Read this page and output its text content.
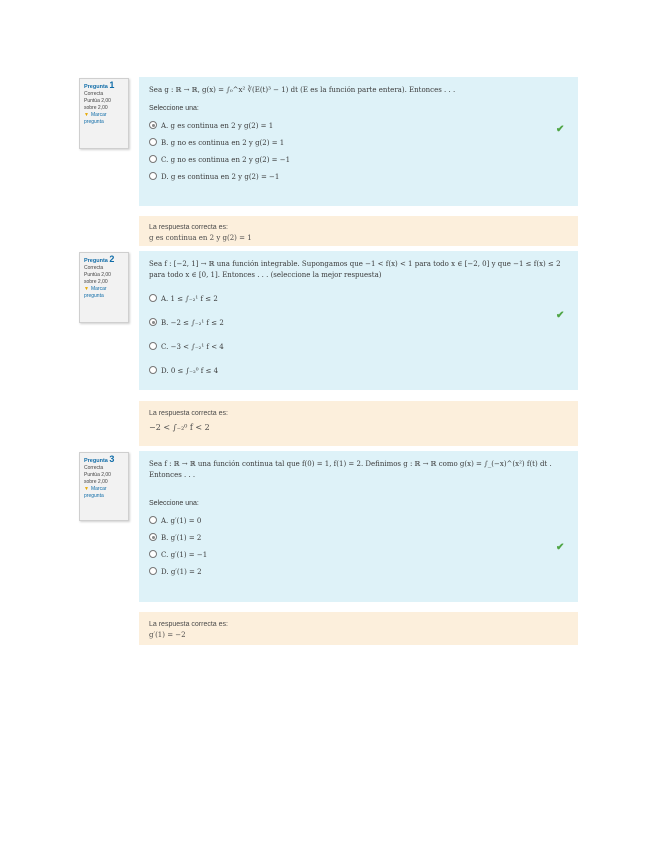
Pregunta 1
Correcta
Puntúa 2,00
sobre 2,00
▼ Marcar pregunta
Sea g : ℝ → ℝ, g(x) = ∫₀^x² ∛(E(t)³ − 1) dt (E es la función parte entera). Entonces . . .
Seleccione una:
A. g es continua en 2 y g(2) = 1
B. g no es continua en 2 y g(2) = 1
C. g no es continua en 2 y g(2) = −1
D. g es continua en 2 y g(2) = −1
✔
La respuesta correcta es:
g es continua en 2 y g(2) = 1
Pregunta 2
Correcta
Puntúa 2,00
sobre 2,00
▼ Marcar pregunta
Sea f : [−2, 1] → ℝ una función integrable. Supongamos que −1 < f(x) < 1 para todo x ∈ [−2, 0] y que −1 ≤ f(x) ≤ 2 para todo x ∈ [0, 1]. Entonces . . . (seleccione la mejor respuesta)
A. 1 ≤ ∫₋₂¹ f ≤ 2
B. −2 ≤ ∫₋₂¹ f ≤ 2
C. −3 < ∫₋₂¹ f < 4
D. 0 ≤ ∫₋₂⁰ f ≤ 4
✔
La respuesta correcta es:
−2 < ∫₋₂⁰ f < 2
Pregunta 3
Correcta
Puntúa 2,00
sobre 2,00
▼ Marcar pregunta
Sea f : ℝ → ℝ una función continua tal que f(0) = 1, f(1) = 2. Definimos g : ℝ → ℝ como g(x) = ∫_(−x)^(x²) f(t) dt . Entonces . . .
Seleccione una:
A. g′(1) = 0
B. g′(1) = 2
C. g′(1) = −1
D. g′(1) = 2
✔
La respuesta correcta es:
g′(1) = −2
